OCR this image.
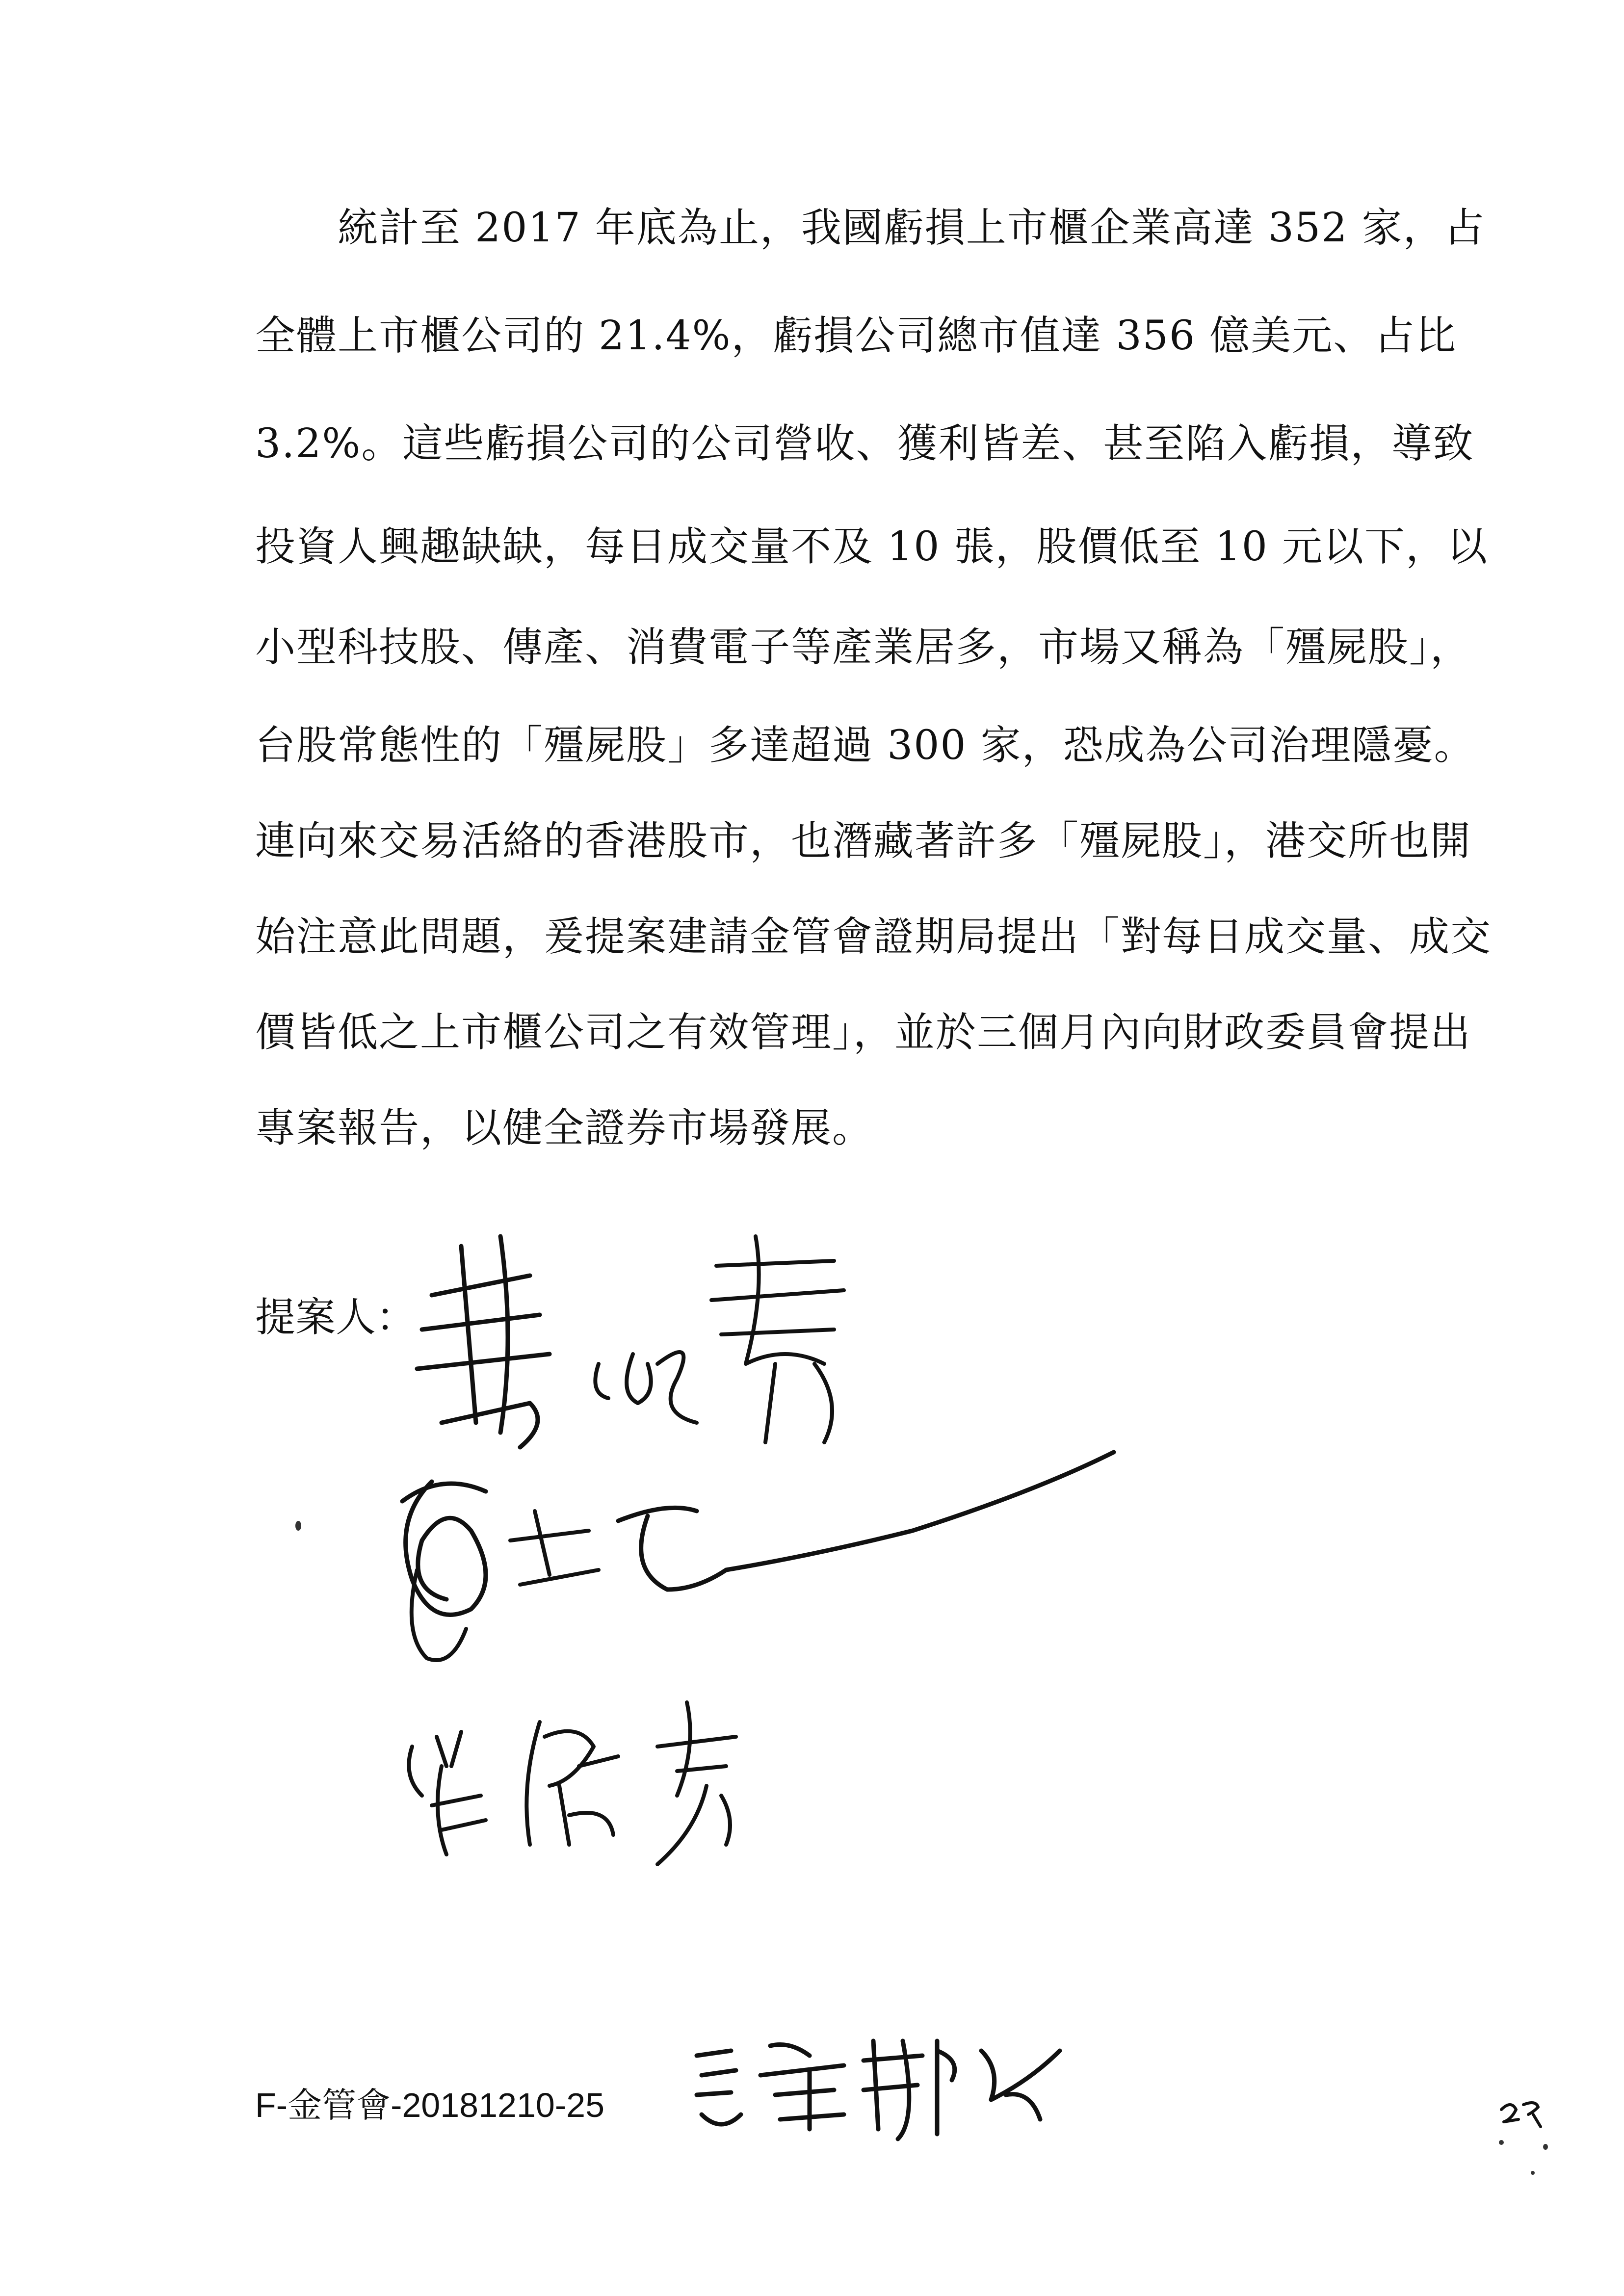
　　統計至 2017 年底為止，我國虧損上市櫃企業高達 352 家，占
全體上市櫃公司的 21.4%，虧損公司總市值達 356 億美元、占比
3.2%。這些虧損公司的公司營收、獲利皆差、甚至陷入虧損，導致
投資人興趣缺缺，每日成交量不及 10 張，股價低至 10 元以下，以
小型科技股、傳產、消費電子等產業居多，市場又稱為「殭屍股」，
台股常態性的「殭屍股」多達超過 300 家，恐成為公司治理隱憂。
連向來交易活絡的香港股市，也潛藏著許多「殭屍股」，港交所也開
始注意此問題，爰提案建請金管會證期局提出「對每日成交量、成交
價皆低之上市櫃公司之有效管理」，並於三個月內向財政委員會提出
專案報告，以健全證券市場發展。
提案人：
F-金管會-20181210-25
